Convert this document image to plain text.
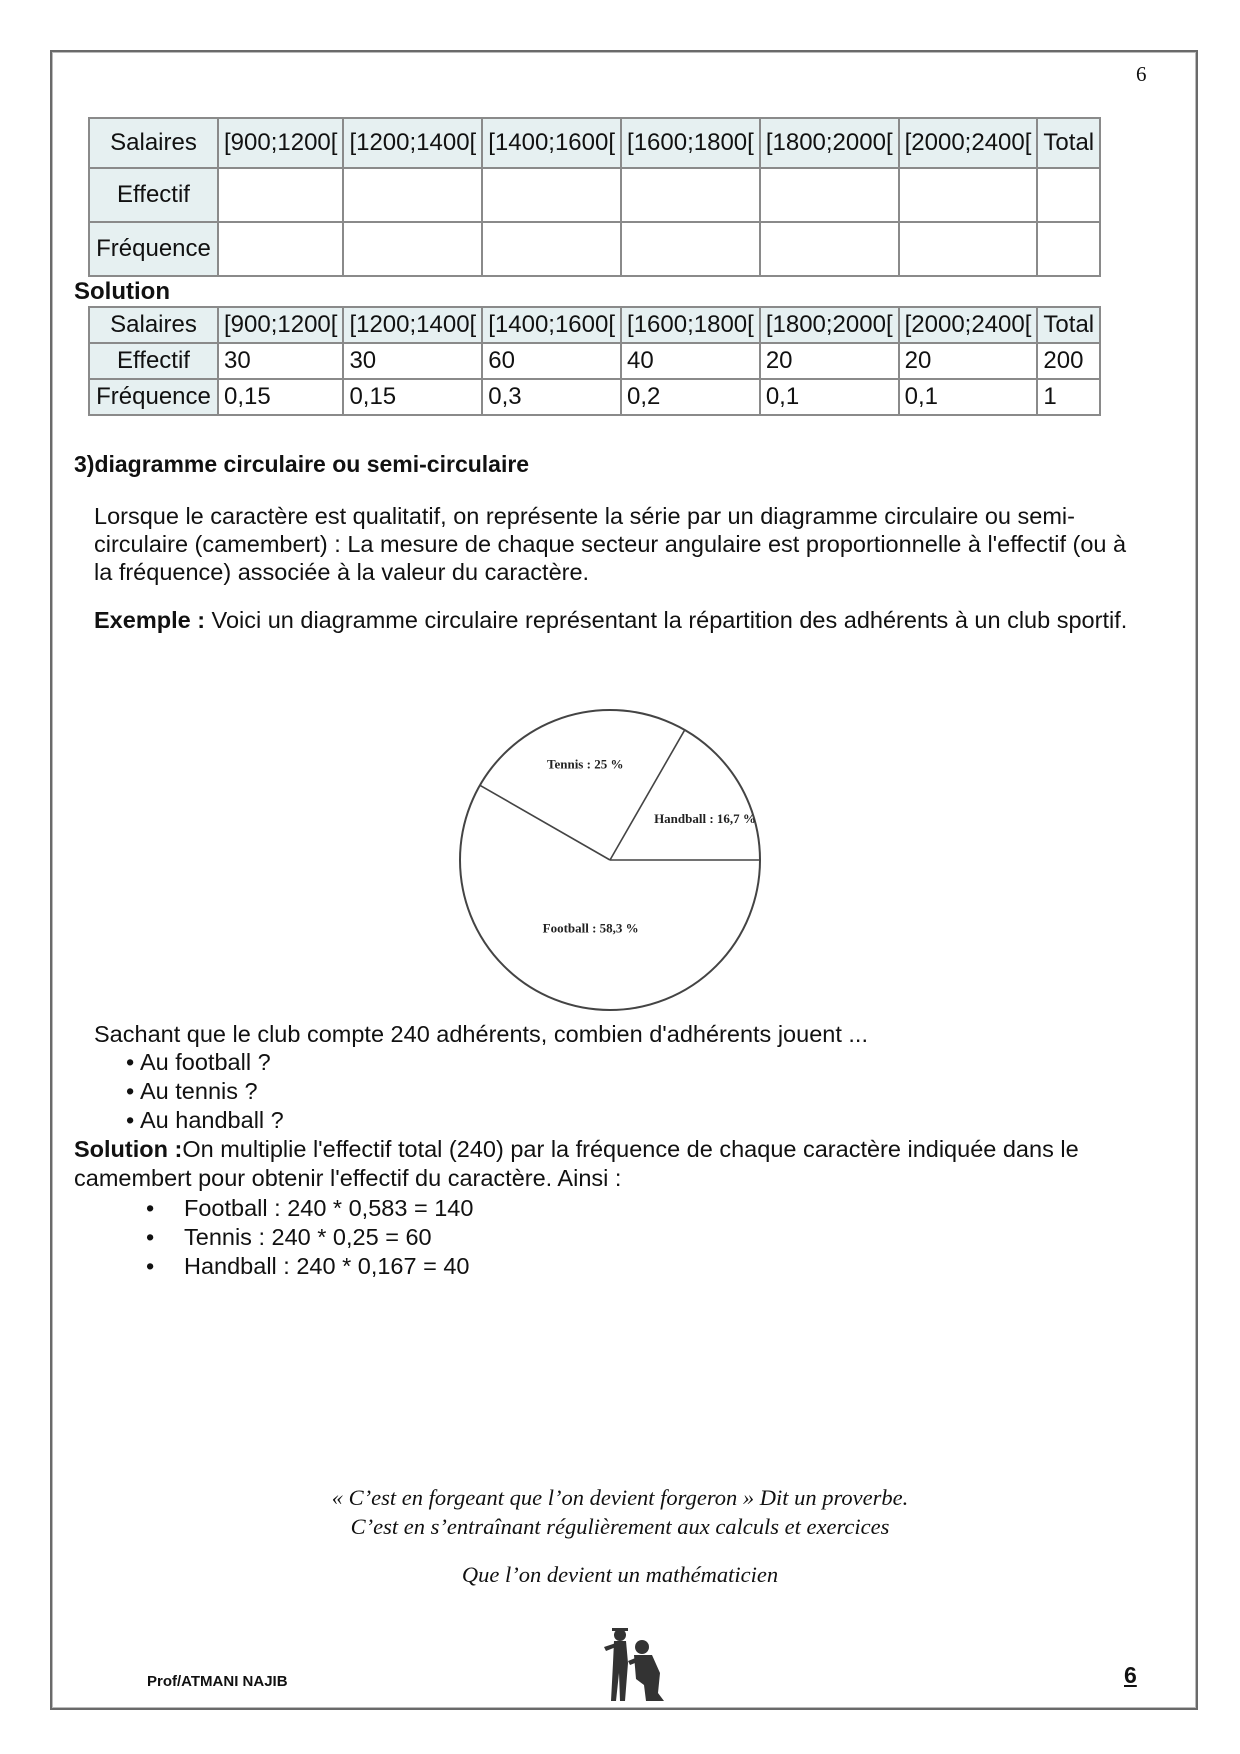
6
Salaires	[900;1200[	[1200;1400[	[1400;1600[	[1600;1800[	[1800;2000[	[2000;2400[	Total
Effectif							
Fréquence							
Solution
Salaires	[900;1200[	[1200;1400[	[1400;1600[	[1600;1800[	[1800;2000[	[2000;2400[	Total
Effectif	30	30	60	40	20	20	200
Fréquence	0,15	0,15	0,3	0,2	0,1	0,1	1
3)diagramme circulaire ou semi-circulaire
Lorsque le caractère est qualitatif, on représente la série par un diagramme circulaire ou semi-circulaire (camembert) : La mesure de chaque secteur angulaire est proportionnelle à l'effectif (ou à la fréquence) associée à la valeur du caractère.
Exemple : Voici un diagramme circulaire représentant la répartition des adhérents à un club sportif.
Handball : 16,7 %
Tennis : 25 %
Football : 58,3 %
Sachant que le club compte 240 adhérents, combien d'adhérents jouent ...
• Au football ?
• Au tennis ?
• Au handball ?
Solution :On multiplie l'effectif total (240) par la fréquence de chaque caractère indiquée dans le camembert pour obtenir l'effectif du caractère. Ainsi :
• Football : 240 * 0,583 = 140
• Tennis : 240 * 0,25 = 60
• Handball : 240 * 0,167 = 40
« C’est en forgeant que l’on devient forgeron » Dit un proverbe.
C’est en s’entraînant régulièrement aux calculs et exercices
Que l’on devient un mathématicien
Prof/ATMANI NAJIB	6
